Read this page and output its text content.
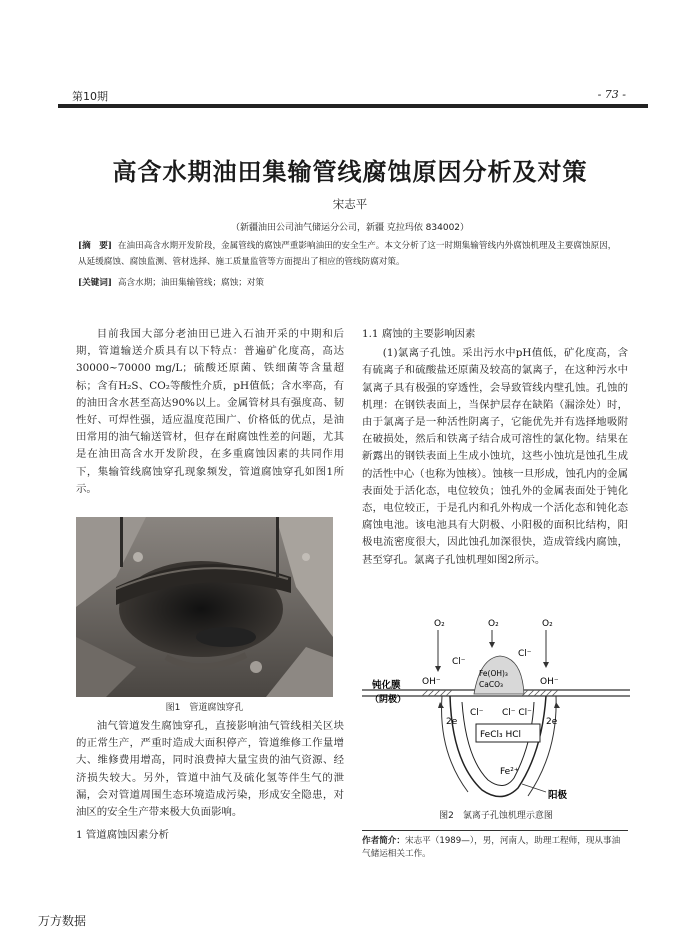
第10期	- 73 -
高含水期油田集输管线腐蚀原因分析及对策
宋志平
（新疆油田公司油气储运分公司，新疆 克拉玛依 834002）
[摘　要] 在油田高含水期开发阶段，金属管线的腐蚀严重影响油田的安全生产。本文分析了这一时期集输管线内外腐蚀机理及主要腐蚀原因，从延缓腐蚀、腐蚀监测、管材选择、施工质量监管等方面提出了相应的管线防腐对策。
[关键词] 高含水期；油田集输管线；腐蚀；对策

目前我国大部分老油田已进入石油开采的中期和后期，管道输送介质具有以下特点：普遍矿化度高，高达30000~70000 mg/L；硫酸还原菌、铁细菌等含量超标；含有H₂S、CO₂等酸性介质，pH值低；含水率高，有的油田含水甚至高达90%以上。金属管材具有强度高、韧性好、可焊性强，适应温度范围广、价格低的优点，是油田常用的油气输送管材，但存在耐腐蚀性差的问题，尤其是在油田高含水开发阶段，在多重腐蚀因素的共同作用下，集输管线腐蚀穿孔现象频发，管道腐蚀穿孔如图1所示。

图1　管道腐蚀穿孔

油气管道发生腐蚀穿孔，直接影响油气管线相关区块的正常生产，严重时造成大面积停产，管道维修工作量增大、维修费用增高，同时浪费掉大量宝贵的油气资源、经济损失较大。另外，管道中油气及硫化氢等伴生气的泄漏，会对管道周围生态环境造成污染，形成安全隐患，对油区的安全生产带来极大负面影响。

1 管道腐蚀因素分析
1.1 腐蚀的主要影响因素

(1)氯离子孔蚀。采出污水中pH值低，矿化度高，含有硫离子和硫酸盐还原菌及较高的氯离子，在这种污水中氯离子具有极强的穿透性，会导致管线内壁孔蚀。孔蚀的机理：在钢铁表面上，当保护层存在缺陷（漏涂处）时，由于氯离子是一种活性阴离子，它能优先并有选择地吸附在破损处，然后和铁离子结合成可溶性的氯化物。结果在新露出的钢铁表面上生成小蚀坑，这些小蚀坑是蚀孔生成的活性中心（也称为蚀核）。蚀核一旦形成，蚀孔内的金属表面处于活化态，电位较负；蚀孔外的金属表面处于钝化态，电位较正，于是孔内和孔外构成一个活化态和钝化态腐蚀电池。该电池具有大阴极、小阳极的面积比结构，阳极电流密度很大，因此蚀孔加深很快，造成管线内腐蚀，甚至穿孔。氯离子孔蚀机理如图2所示。

O₂	O₂	O₂
钝化膜
（阴极）
OH⁻	OH⁻
Cl⁻
Cl⁻
Fe(OH)₃
CaCO₃
2e	2e
Cl⁻ Cl⁻ Cl⁻
FeCl₃ HCl
Fe²⁺
阳极
图2　氯离子孔蚀机理示意图
作者简介：宋志平（1989—），男，河南人，助理工程师，现从事油气储运相关工作。
万方数据
